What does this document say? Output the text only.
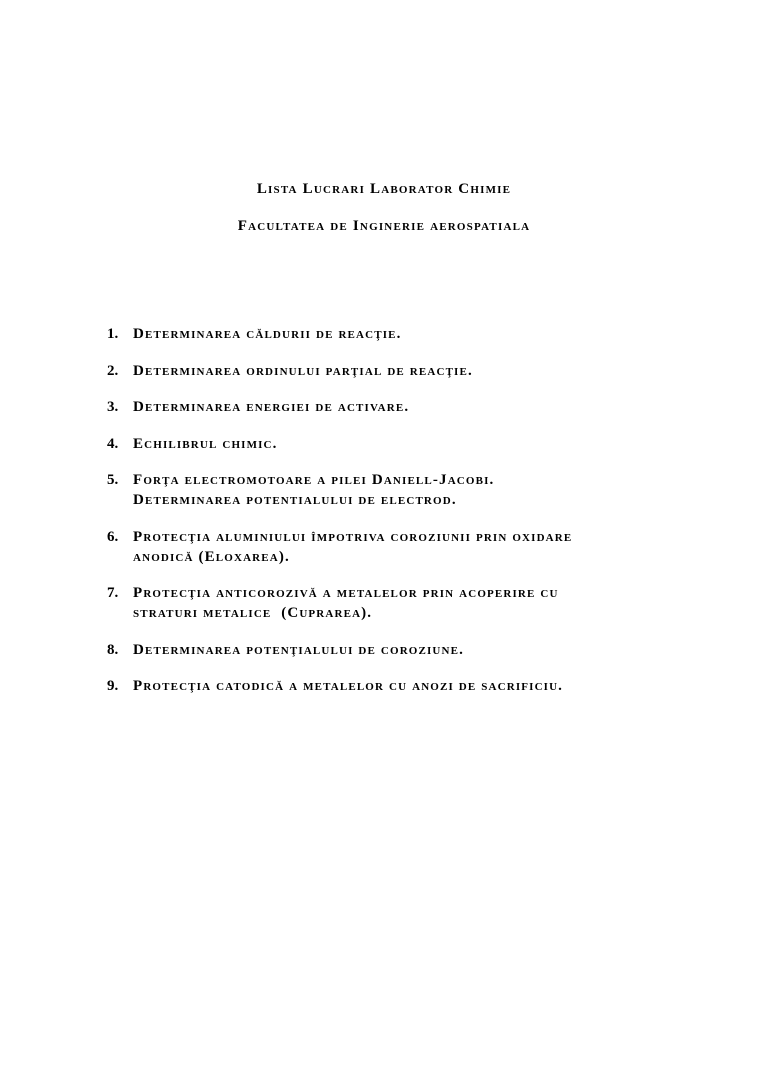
Lista Lucrari Laborator Chimie
Facultatea de Inginerie aerospatiala
1. Determinarea căldurii de reacţie.
2. Determinarea ordinului parţial de reacţie.
3. Determinarea energiei de activare.
4. Echilibrul chimic.
5. Forţa electromotoare a pilei Daniell-Jacobi.
Determinarea potentialului de electrod.
6. Protecţia aluminiului împotriva coroziunii prin oxidare
anodică (Eloxarea).
7. Protecţia anticorozivă a metalelor prin acoperire cu
straturi metalice  (Cuprarea).
8. Determinarea potenţialului de coroziune.
9. Protecţia catodică a metalelor cu anozi de sacrificiu.
